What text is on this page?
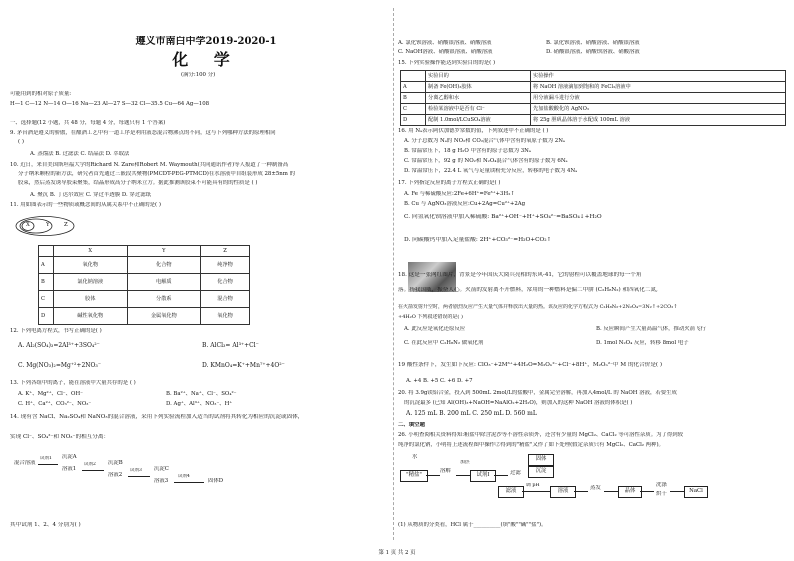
遵义市南白中学2019-2020-1
化 学
(满分:100 分)
可能用到的相对原子质量:
H—1 C—12 N—14 O—16 Na—23 Al—27 S—32 Cl—35.5 Cu—64 Ag—108
一、选择题(12 小题，共 48 分，每题 4 分，每题只有 1 个答案)
9. 茅台酒是遵义的骄傲，在酿酒工艺中有一道工序是利用液态混合物沸点的不同，这与下列哪种方法的原理相同
( )
A. 蒸馏法 B. 过滤法 C. 结晶法 D. 萃取法
10. 近日，来自美国斯坦福大学的Richard N. Zare和Robert M. Waymouth(共同通讯作者)等人报道了一种制备高
分子纳米颗粒的新方法，研究者首先通过三嵌段共聚物(PMCDT-PEG-PTMCD)在水溶液中自组装形成 28±5nm 的
胶束，然后蒸发诱导胶束聚集，结晶形成高分子纳米立方。据此推测该胶束不可能具有的的性质是 ( )
A. 聚沉 B. 丁达尔效应 C. 穿过半透膜 D. 穿过滤纸
11. 用如图表示的一些物质或概念间的从属关系中不正确的是( )
X	Y	Z
	X	Y	Z
A	氧化物	化合物	纯净物
B	氯化钠溶液	电解质	化合物
C	胶体	分散系	混合物
D	碱性氧化物	金属氧化物	氧化物
12. 下列电离方程式，书写正确的是( )
A. Al₂(SO₄)₃=2Al³⁺+3SO₄²⁻	B. AlCl₃= Al³⁺+Cl⁻
C. Mg(NO₃)₂=Mg⁺²+2NO₃⁻	D. KMnO₄=K⁺+Mn⁷⁺+4O²⁻
13. 下列各组中的离子，能在溶液中大量共存的是 ( )
A. K⁺、Mg²⁺、Cl⁻、OH⁻	B. Ba²⁺、Na⁺、Cl⁻、SO₄²⁻
C. H⁺、Ca²⁺、CO₃²⁻、NO₃⁻	D. Ag⁺、Al³⁺、NO₃⁻、H⁺
14. 现有含 NaCl、Na₂SO₄和 NaNO₃的混合溶液，采用下列实验流程加入适当的试剂将其转化为相应的沉淀或固体，
实现 Cl⁻、SO₄²⁻和 NO₃⁻的相互分离：
混合溶液
试剂1 沉淀A
溶液1
试剂2 沉淀B
溶液2
试剂3 沉淀C
溶液3
试剂4
固体D
其中试剂 1、2、4 分别为( )
A. 氯化钡溶液、硝酸银溶液、硝酸溶液	B. 氯化钡溶液、硝酸溶液、硝酸银溶液
C. NaOH溶液、硝酸银溶液、硝酸溶液	D. 硝酸银溶液、硝酸钡溶液、硝酸溶液
15. 下列实验操作能达到实验目的的是( )
	实验目的	实验操作
A	制备 Fe(OH)₃胶体	将 NaOH 溶液滴加到饱和的 FeCl₃溶液中
B	分离乙醇和水	用分液漏斗进行分液
C	检验某溶液中是否有 Cl⁻	先加盐酸酸化的 AgNO₃
D	配制 1.0mol/LCuSO₄溶液	将 25g 胆矾晶体溶于水配成 100mL 溶液
16. 用 Nₐ表示阿伏加德罗常数的值，下列叙述中不正确的是 ( )
A. 分子总数为 Nₐ的 NO₂和 CO₂混合气体中含有的氧原子数为 2Nₐ
B. 常温常压下，18 g H₂O 中含有的原子总数为 3Nₐ
C. 常温常压下，92 g 的 NO₂和 N₂O₄混合气体含有的原子数为 6Nₐ
D. 常温常压下，22.4 L 氧气与足量镁粉充分反应，转移的电子数为 4Nₐ
17. 下列指定反应的离子方程式正确的是( )
A. Fe 与稀硫酸反应:2Fe+6H⁺=Fe³⁺+3H₂↑
B. Cu 与 AgNO₃溶液反应:Cu+2Ag=Cu²⁺+2Ag
C. 向氢氧化钡溶液中加入稀硫酸: Ba²⁺+OH⁻+H⁺+SO₄²⁻=BaSO₄↓+H₂O
D. 向碳酸钙中加入足量盐酸: 2H⁺+CO₃²⁻=H₂O+CO₂↑
18. 这是一张网红图片，背景是今年国庆大阅兵亮相的东风-41，它的射程可以覆盖地球的每一个角
落。扬我国威，振奋人心。火箭的发射离不开燃料，常用的一种燃料是偏二甲肼 (C₂H₈N₂) 和四氧化二氮,
在火箭发射升空时，两者剧烈反应产生大量气体并释放出大量的热。该反应的化学方程式为 C₂H₈N₂+2N₂O₄=3N₂↑+2CO₂↑
+4H₂O 下列叙述错误的是( )
A. 此反应是氧化还原反应	B. 反应瞬间产生大量高温气体，推动火箭飞行
C. 在此反应中 C₂H₈N₂ 做氧化剂	D. 1mol N₂O₄ 反应，转移 8mol 电子
19 酸性条件下，发生如下反应: ClO₃⁻+2M³⁺+4H₂O=M₂Oₙ²⁻+Cl⁻+8H⁺，M₂Oₙ²⁻中 M 的化合价是( )
A. +4 B. +5 C. +6 D. +7
20. 将 3.9g镁铝合金，投入到 500mL 2mol/L的盐酸中，金属完全溶解，再加入4mol/L 的 NaOH 溶液，若要生成
的沉淀最多 (已知 Al(OH)₃+NaOH=NaAlO₂+2H₂O)，则加入的这种 NaOH 溶液的体积是( )
A. 125 mL B. 200 mL C. 250 mL D. 560 mL
二、填空题
26. 小明查阅相关资料得知:粗盐中除含泥沙等不溶性杂质外，还含有少量的 MgCl₂、CaCl₂ 等可溶性杂质。为了得到较
纯净的氯化钠，小明将上述流程图中操作②得到的"精盐"又作了如下处理(假定杂质只有 MgCl₂、CaCl₂ 两种)。
水
"精盐"
溶解
加热
试剂Ⅰ	过滤
固体
沉淀
滤液
调 pH
溶液	蒸发	晶体
洗涤
烘干	NaCl
(1) 从物质的分类看，HCl 属于__________(填"酸""碱""盐")。
第 1 页 共 2 页
